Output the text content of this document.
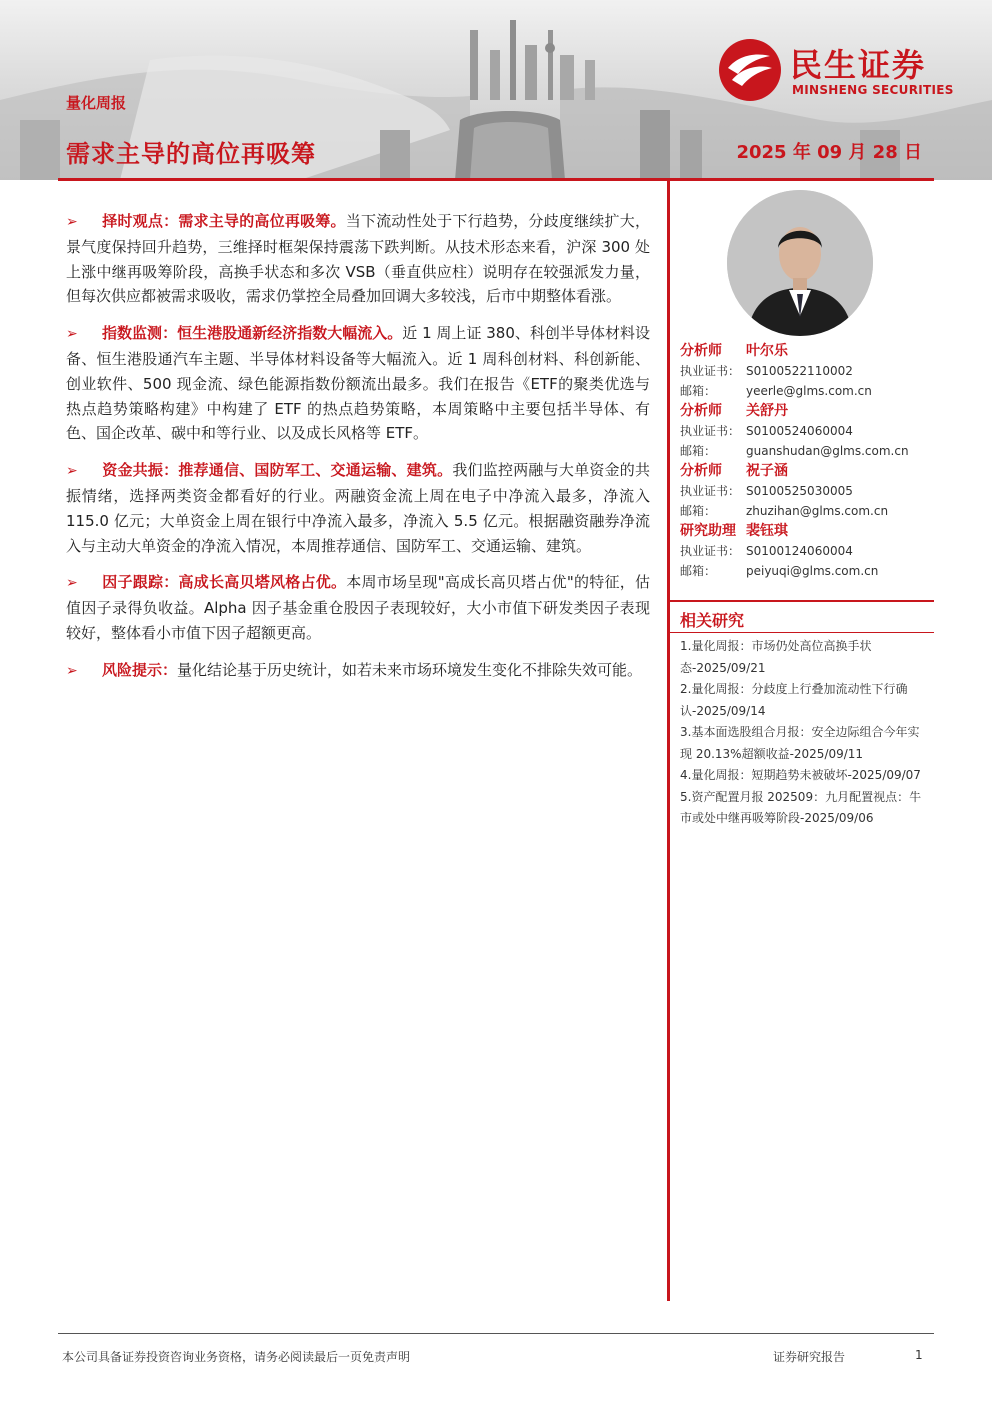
量化周报
需求主导的高位再吸筹	2025 年 09 月 28 日
民生证券
MINSHENG SECURITIES
➢ 择时观点：需求主导的高位再吸筹。当下流动性处于下行趋势，分歧度继续扩大，景气度保持回升趋势，三维择时框架保持震荡下跌判断。从技术形态来看，沪深 300 处上涨中继再吸筹阶段，高换手状态和多次 VSB（垂直供应柱）说明存在较强派发力量，但每次供应都被需求吸收，需求仍掌控全局叠加回调大多较浅，后市中期整体看涨。
➢ 指数监测：恒生港股通新经济指数大幅流入。近 1 周上证 380、科创半导体材料设备、恒生港股通汽车主题、半导体材料设备等大幅流入。近 1 周科创材料、科创新能、创业软件、500 现金流、绿色能源指数份额流出最多。我们在报告《ETF的聚类优选与热点趋势策略构建》中构建了 ETF 的热点趋势策略，本周策略中主要包括半导体、有色、国企改革、碳中和等行业、以及成长风格等 ETF。
➢ 资金共振：推荐通信、国防军工、交通运输、建筑。我们监控两融与大单资金的共振情绪，选择两类资金都看好的行业。两融资金流上周在电子中净流入最多，净流入 115.0 亿元；大单资金上周在银行中净流入最多，净流入 5.5 亿元。根据融资融券净流入与主动大单资金的净流入情况，本周推荐通信、国防军工、交通运输、建筑。
➢ 因子跟踪：高成长高贝塔风格占优。本周市场呈现"高成长高贝塔占优"的特征，估值因子录得负收益。Alpha 因子基金重仓股因子表现较好，大小市值下研发类因子表现较好，整体看小市值下因子超额更高。
➢ 风险提示：量化结论基于历史统计，如若未来市场环境发生变化不排除失效可能。
分析师 叶尔乐
执业证书： S0100522110002
邮箱： yeerle@glms.com.cn
分析师 关舒丹
执业证书： S0100524060004
邮箱： guanshudan@glms.com.cn
分析师 祝子涵
执业证书： S0100525030005
邮箱： zhuzihan@glms.com.cn
研究助理 裴钰琪
执业证书： S0100124060004
邮箱： peiyuqi@glms.com.cn
相关研究

1.量化周报：市场仍处高位高换手状态-2025/09/21

2.量化周报：分歧度上行叠加流动性下行确认-2025/09/14

3.基本面选股组合月报：安全边际组合今年实现 20.13%超额收益-2025/09/11

4.量化周报：短期趋势未被破坏-2025/09/07

5.资产配置月报 202509：九月配置视点：牛市或处中继再吸筹阶段-2025/09/06

本公司具备证券投资咨询业务资格，请务必阅读最后一页免责声明	证券研究报告	1
